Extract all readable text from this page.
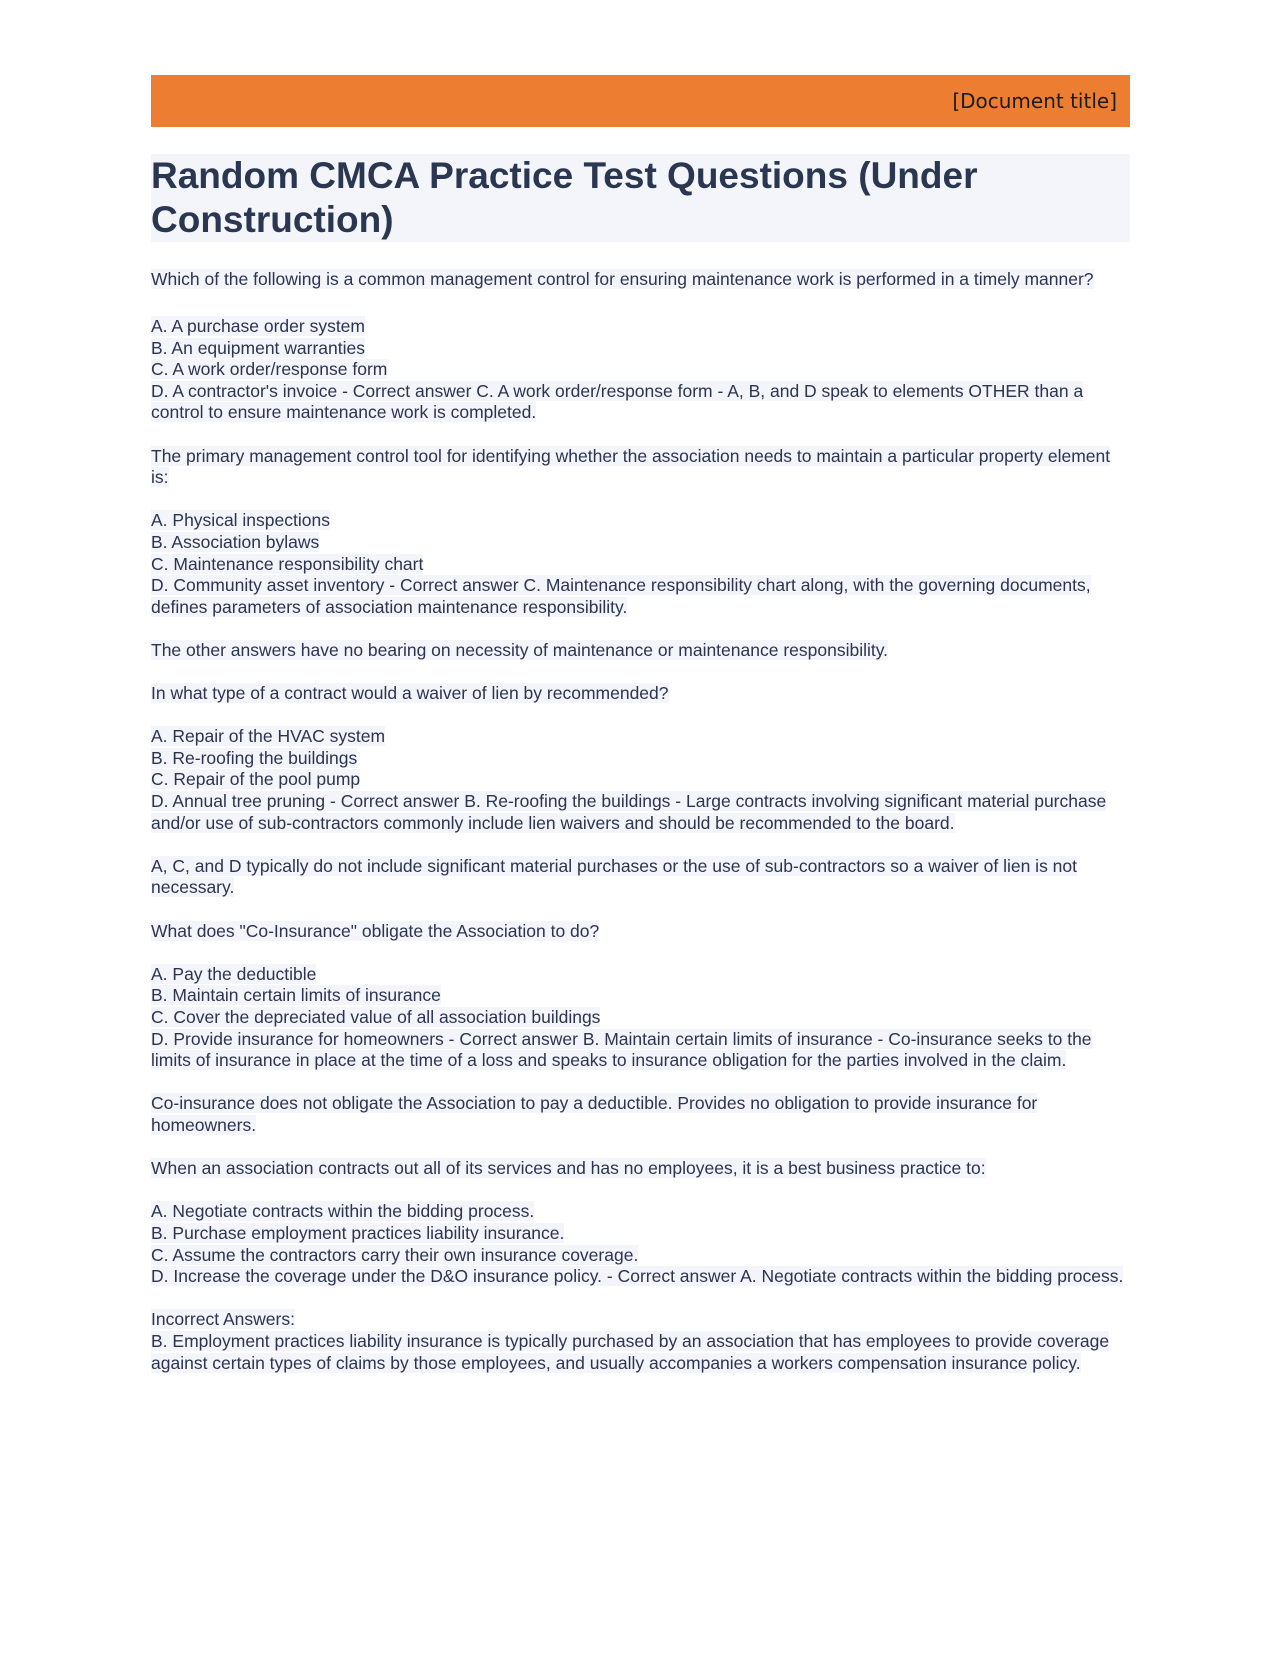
[Document title]
Random CMCA Practice Test Questions (Under Construction)

Which of the following is a common management control for ensuring maintenance work is performed in a timely manner?

A. A purchase order system

B. An equipment warranties

C. A work order/response form

D. A contractor's invoice - Correct answer C. A work order/response form - A, B, and D speak to elements OTHER than a control to ensure maintenance work is completed.

The primary management control tool for identifying whether the association needs to maintain a particular property element is:

A. Physical inspections

B. Association bylaws

C. Maintenance responsibility chart

D. Community asset inventory - Correct answer C. Maintenance responsibility chart along, with the governing documents, defines parameters of association maintenance responsibility.

The other answers have no bearing on necessity of maintenance or maintenance responsibility.

In what type of a contract would a waiver of lien by recommended?

A. Repair of the HVAC system

B. Re-roofing the buildings

C. Repair of the pool pump

D. Annual tree pruning - Correct answer B. Re-roofing the buildings - Large contracts involving significant material purchase and/or use of sub-contractors commonly include lien waivers and should be recommended to the board.

A, C, and D typically do not include significant material purchases or the use of sub-contractors so a waiver of lien is not necessary.

What does "Co-Insurance" obligate the Association to do?

A. Pay the deductible

B. Maintain certain limits of insurance

C. Cover the depreciated value of all association buildings

D. Provide insurance for homeowners - Correct answer B. Maintain certain limits of insurance - Co-insurance seeks to the limits of insurance in place at the time of a loss and speaks to insurance obligation for the parties involved in the claim.

Co-insurance does not obligate the Association to pay a deductible. Provides no obligation to provide insurance for homeowners.

When an association contracts out all of its services and has no employees, it is a best business practice to:

A. Negotiate contracts within the bidding process.

B. Purchase employment practices liability insurance.

C. Assume the contractors carry their own insurance coverage.

D. Increase the coverage under the D&O insurance policy. - Correct answer A. Negotiate contracts within the bidding process.

Incorrect Answers:

B. Employment practices liability insurance is typically purchased by an association that has employees to provide coverage against certain types of claims by those employees, and usually accompanies a workers compensation insurance policy.
